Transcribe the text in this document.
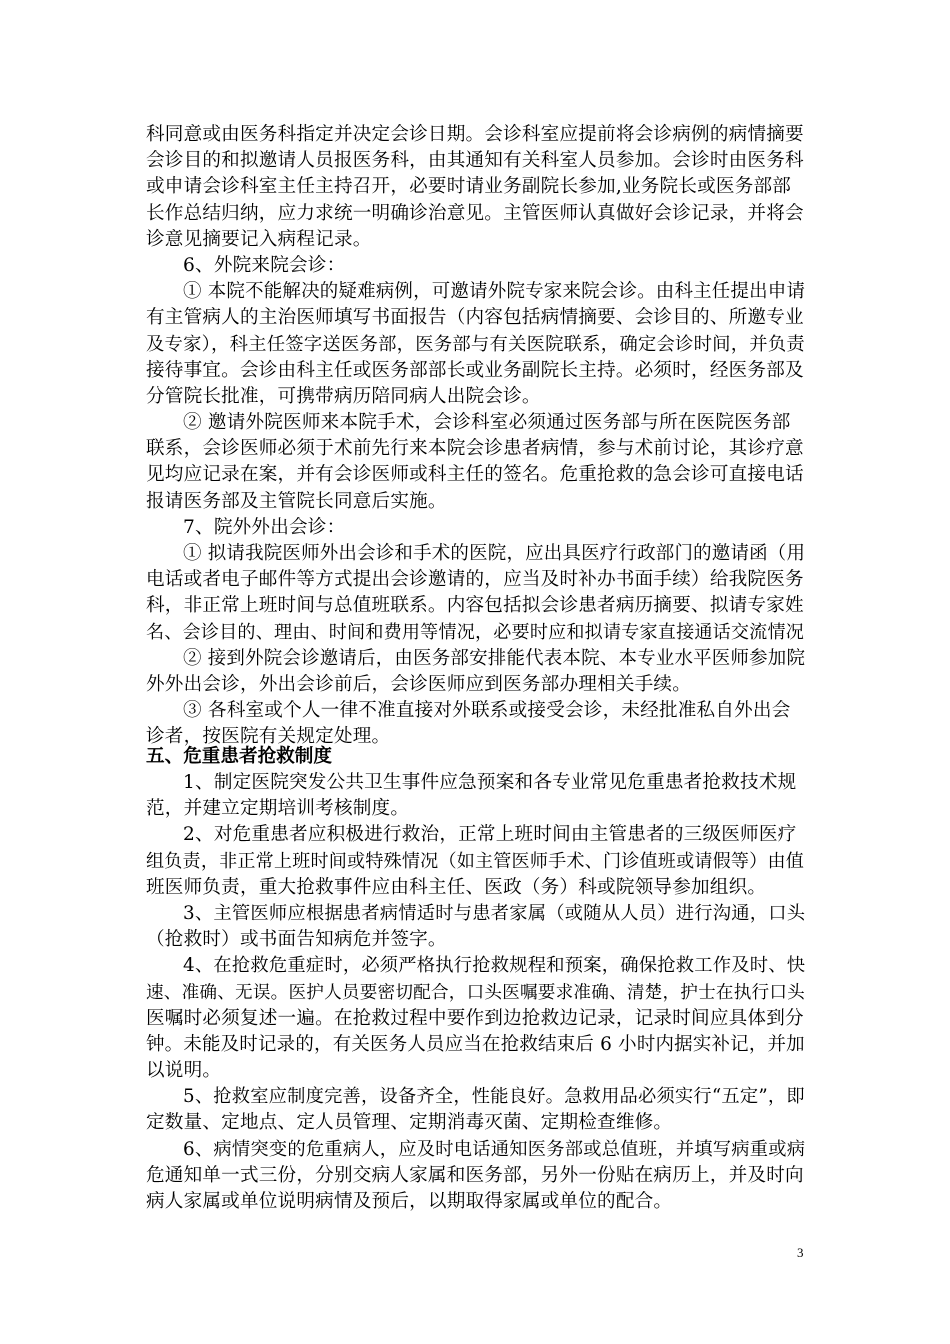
科同意或由医务科指定并决定会诊日期。会诊科室应提前将会诊病例的病情摘要
会诊目的和拟邀请人员报医务科，由其通知有关科室人员参加。会诊时由医务科
或申请会诊科室主任主持召开，必要时请业务副院长参加,业务院长或医务部部
长作总结归纳，应力求统一明确诊治意见。主管医师认真做好会诊记录，并将会
诊意见摘要记入病程记录。
6、外院来院会诊：
① 本院不能解决的疑难病例，可邀请外院专家来院会诊。由科主任提出申请
有主管病人的主治医师填写书面报告（内容包括病情摘要、会诊目的、所邀专业
及专家），科主任签字送医务部，医务部与有关医院联系，确定会诊时间，并负责
接待事宜。会诊由科主任或医务部部长或业务副院长主持。必须时，经医务部及
分管院长批准，可携带病历陪同病人出院会诊。
② 邀请外院医师来本院手术，会诊科室必须通过医务部与所在医院医务部
联系，会诊医师必须于术前先行来本院会诊患者病情，参与术前讨论，其诊疗意
见均应记录在案，并有会诊医师或科主任的签名。危重抢救的急会诊可直接电话
报请医务部及主管院长同意后实施。
7、院外外出会诊：
① 拟请我院医师外出会诊和手术的医院，应出具医疗行政部门的邀请函（用
电话或者电子邮件等方式提出会诊邀请的，应当及时补办书面手续）给我院医务
科，非正常上班时间与总值班联系。内容包括拟会诊患者病历摘要、拟请专家姓
名、会诊目的、理由、时间和费用等情况，必要时应和拟请专家直接通话交流情况
② 接到外院会诊邀请后，由医务部安排能代表本院、本专业水平医师参加院
外外出会诊，外出会诊前后，会诊医师应到医务部办理相关手续。
③ 各科室或个人一律不准直接对外联系或接受会诊，未经批准私自外出会
诊者，按医院有关规定处理。
五、危重患者抢救制度
1、制定医院突发公共卫生事件应急预案和各专业常见危重患者抢救技术规
范，并建立定期培训考核制度。
2、对危重患者应积极进行救治，正常上班时间由主管患者的三级医师医疗
组负责，非正常上班时间或特殊情况（如主管医师手术、门诊值班或请假等）由值
班医师负责，重大抢救事件应由科主任、医政（务）科或院领导参加组织。
3、主管医师应根据患者病情适时与患者家属（或随从人员）进行沟通，口头
（抢救时）或书面告知病危并签字。
4、在抢救危重症时，必须严格执行抢救规程和预案，确保抢救工作及时、快
速、准确、无误。医护人员要密切配合，口头医嘱要求准确、清楚，护士在执行口头
医嘱时必须复述一遍。在抢救过程中要作到边抢救边记录，记录时间应具体到分
钟。未能及时记录的，有关医务人员应当在抢救结束后 6 小时内据实补记，并加
以说明。
5、抢救室应制度完善，设备齐全，性能良好。急救用品必须实行“五定”，即
定数量、定地点、定人员管理、定期消毒灭菌、定期检查维修。
6、病情突变的危重病人，应及时电话通知医务部或总值班，并填写病重或病
危通知单一式三份，分别交病人家属和医务部，另外一份贴在病历上，并及时向
病人家属或单位说明病情及预后，以期取得家属或单位的配合。
3
